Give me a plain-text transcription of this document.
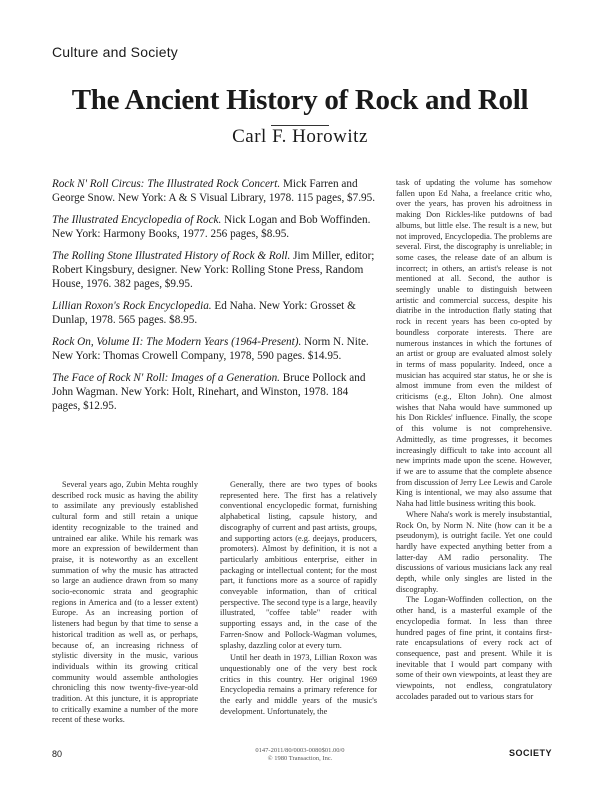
Culture and Society
The Ancient History of Rock and Roll
Carl F. Horowitz
Rock N' Roll Circus: The Illustrated Rock Concert. Mick Farren and George Snow. New York: A & S Visual Library, 1978. 115 pages, $7.95.
The Illustrated Encyclopedia of Rock. Nick Logan and Bob Woffinden. New York: Harmony Books, 1977. 256 pages, $8.95.
The Rolling Stone Illustrated History of Rock & Roll. Jim Miller, editor; Robert Kingsbury, designer. New York: Rolling Stone Press, Random House, 1976. 382 pages, $9.95.
Lillian Roxon's Rock Encyclopedia. Ed Naha. New York: Grosset & Dunlap, 1978. 565 pages. $8.95.
Rock On, Volume II: The Modern Years (1964-Present). Norm N. Nite. New York: Thomas Crowell Company, 1978, 590 pages. $14.95.
The Face of Rock N' Roll: Images of a Generation. Bruce Pollock and John Wagman. New York: Holt, Rinehart, and Winston, 1978. 184 pages, $12.95.

Several years ago, Zubin Mehta roughly described rock music as having the ability to assimilate any previously established cultural form and still retain a unique identity recognizable to the trained and untrained ear alike. While his remark was more an expression of bewilderment than praise, it is noteworthy as an excellent summation of why the music has attracted so large an audience drawn from so many socio-economic strata and geographic regions in America and (to a lesser extent) Europe. As an increasing portion of listeners had begun by that time to sense a historical tradition as well as, or perhaps, because of, an increasing richness of stylistic diversity in the music, various individuals within its growing critical community would assemble anthologies chronicling this now twenty-five-year-old tradition. At this juncture, it is appropriate to critically examine a number of the more recent of these works.

Generally, there are two types of books represented here. The first has a relatively conventional encyclopedic format, furnishing alphabetical listing, capsule history, and discography of current and past artists, groups, and supporting actors (e.g. deejays, producers, promoters). Almost by definition, it is not a particularly ambitious enterprise, either in packaging or intellectual content; for the most part, it functions more as a source of rapidly conveyable information, than of critical perspective. The second type is a large, heavily illustrated, "coffee table" reader with supporting essays and, in the case of the Farren-Snow and Pollock-Wagman volumes, splashy, dazzling color at every turn.

Until her death in 1973, Lillian Roxon was unquestionably one of the very best rock critics in this country. Her original 1969 Encyclopedia remains a primary reference for the early and middle years of the music's development. Unfortunately, the

task of updating the volume has somehow fallen upon Ed Naha, a freelance critic who, over the years, has proven his adroitness in making Don Rickles-like putdowns of bad albums, but little else. The result is a new, but not improved, Encyclopedia. The problems are several. First, the discography is unreliable; in some cases, the release date of an album is incorrect; in others, an artist's release is not mentioned at all. Second, the author is seemingly unable to distinguish between artistic and commercial success, despite his diatribe in the introduction flatly stating that rock in recent years has been co-opted by boundless corporate interests. There are numerous instances in which the fortunes of an artist or group are evaluated almost solely in terms of mass popularity. Indeed, once a musician has acquired star status, he or she is almost immune from even the mildest of criticisms (e.g., Elton John). One almost wishes that Naha would have summoned up his Don Rickles' influence. Finally, the scope of this volume is not comprehensive. Admittedly, as time progresses, it becomes increasingly difficult to take into account all new imprints made upon the scene. However, if we are to assume that the complete absence from discussion of Jerry Lee Lewis and Carole King is intentional, we may also assume that Naha had little business writing this book.

Where Naha's work is merely insubstantial, Rock On, by Norm N. Nite (how can it be a pseudonym), is outright facile. Yet one could hardly have expected anything better from a latter-day AM radio personality. The discussions of various musicians lack any real depth, while only singles are listed in the discography.

The Logan-Woffinden collection, on the other hand, is a masterful example of the encyclopedia format. In less than three hundred pages of fine print, it contains first-rate encapsulations of every rock act of consequence, past and present. While it is inevitable that I would part company with some of their own viewpoints, at least they are viewpoints, not endless, congratulatory accolades paraded out to various stars for

80	0147-2011/80/0003-0080$01.00/0
© 1980 Transaction, Inc.
SOCIETY
